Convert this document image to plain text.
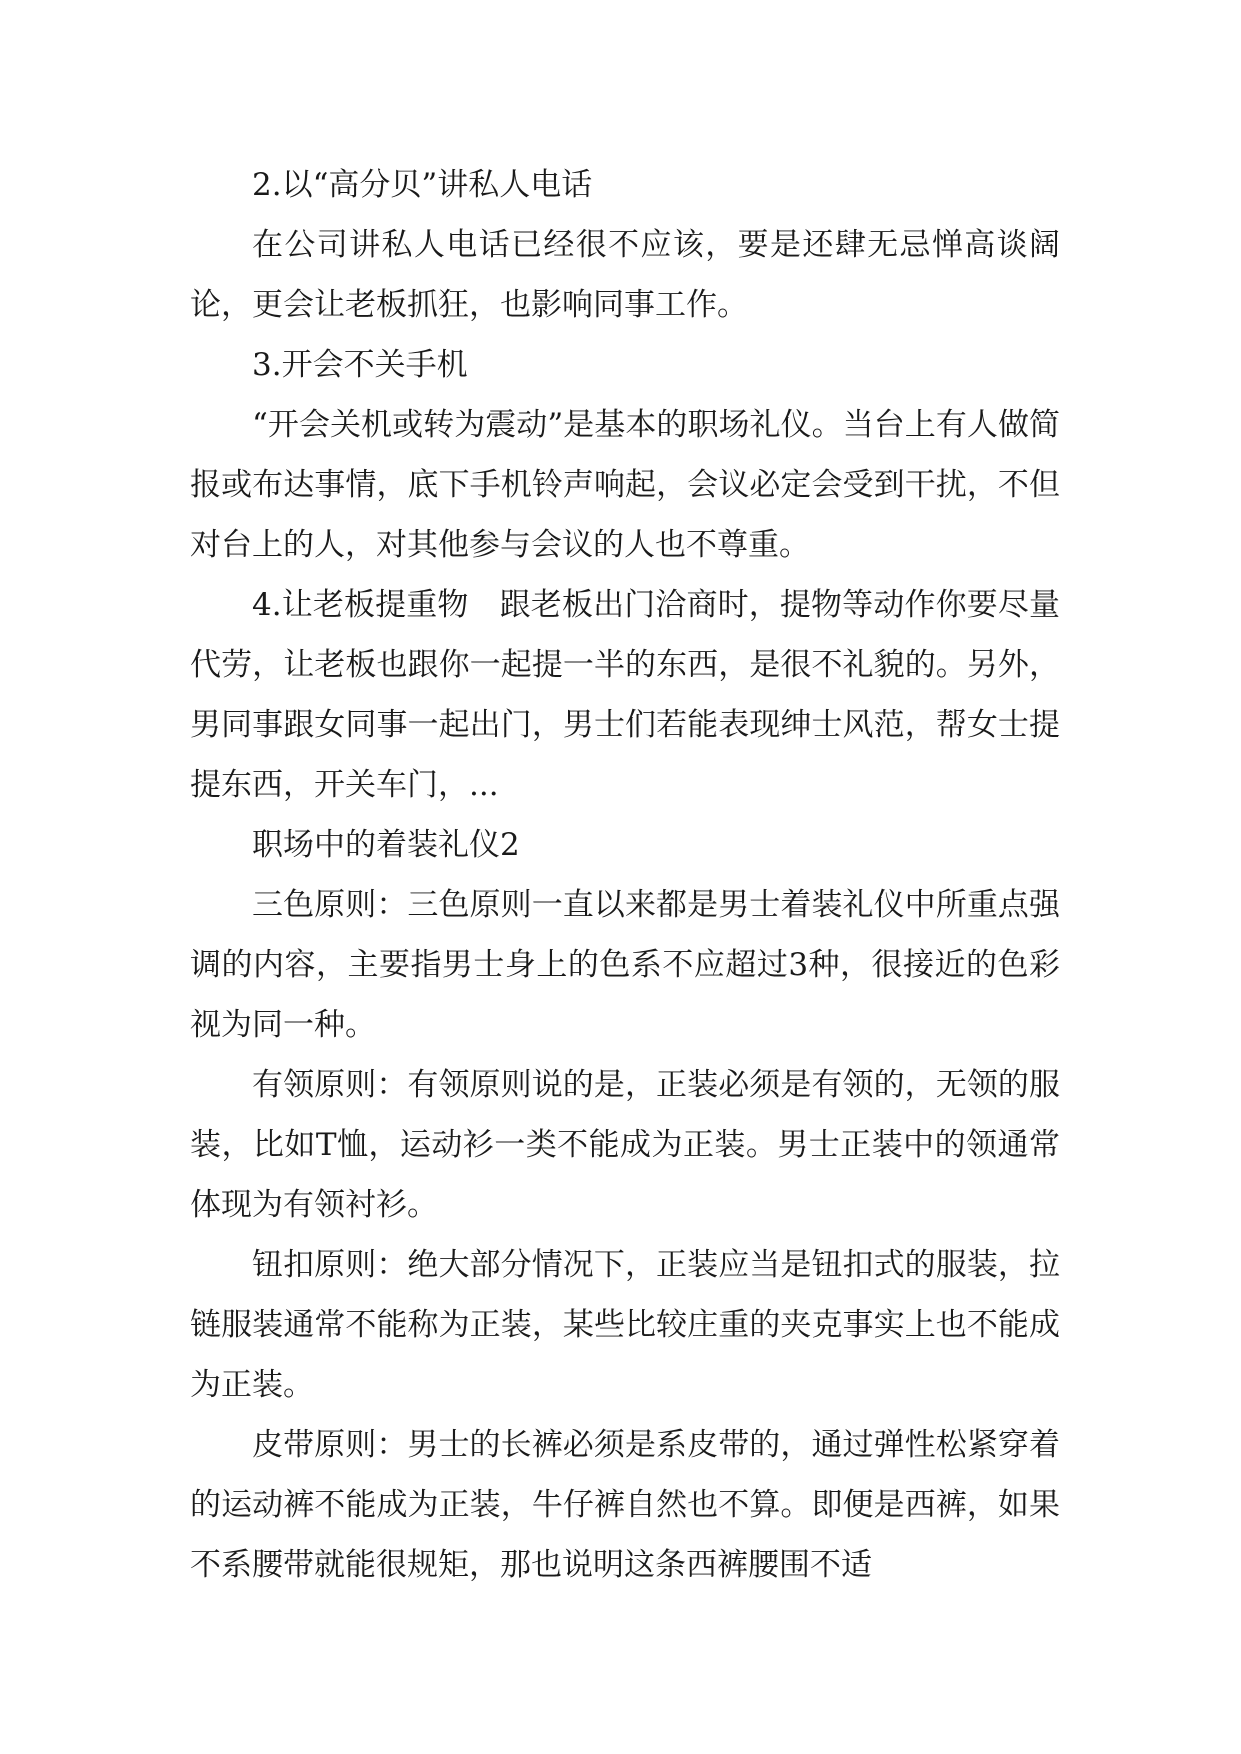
2.以“高分贝”讲私人电话

在公司讲私人电话已经很不应该，要是还肆无忌惮高谈阔论，更会让老板抓狂，也影响同事工作。

3.开会不关手机

“开会关机或转为震动”是基本的职场礼仪。当台上有人做简报或布达事情，底下手机铃声响起，会议必定会受到干扰，不但对台上的人，对其他参与会议的人也不尊重。

4.让老板提重物　跟老板出门洽商时，提物等动作你要尽量代劳，让老板也跟你一起提一半的东西，是很不礼貌的。另外，男同事跟女同事一起出门，男士们若能表现绅士风范，帮女士提提东西，开关车门，...

职场中的着装礼仪2

三色原则：三色原则一直以来都是男士着装礼仪中所重点强调的内容，主要指男士身上的色系不应超过3种，很接近的色彩视为同一种。

有领原则：有领原则说的是，正装必须是有领的，无领的服装，比如T恤，运动衫一类不能成为正装。男士正装中的领通常体现为有领衬衫。

钮扣原则：绝大部分情况下，正装应当是钮扣式的服装，拉链服装通常不能称为正装，某些比较庄重的夹克事实上也不能成为正装。

皮带原则：男士的长裤必须是系皮带的，通过弹性松紧穿着的运动裤不能成为正装，牛仔裤自然也不算。即便是西裤，如果不系腰带就能很规矩，那也说明这条西裤腰围不适
